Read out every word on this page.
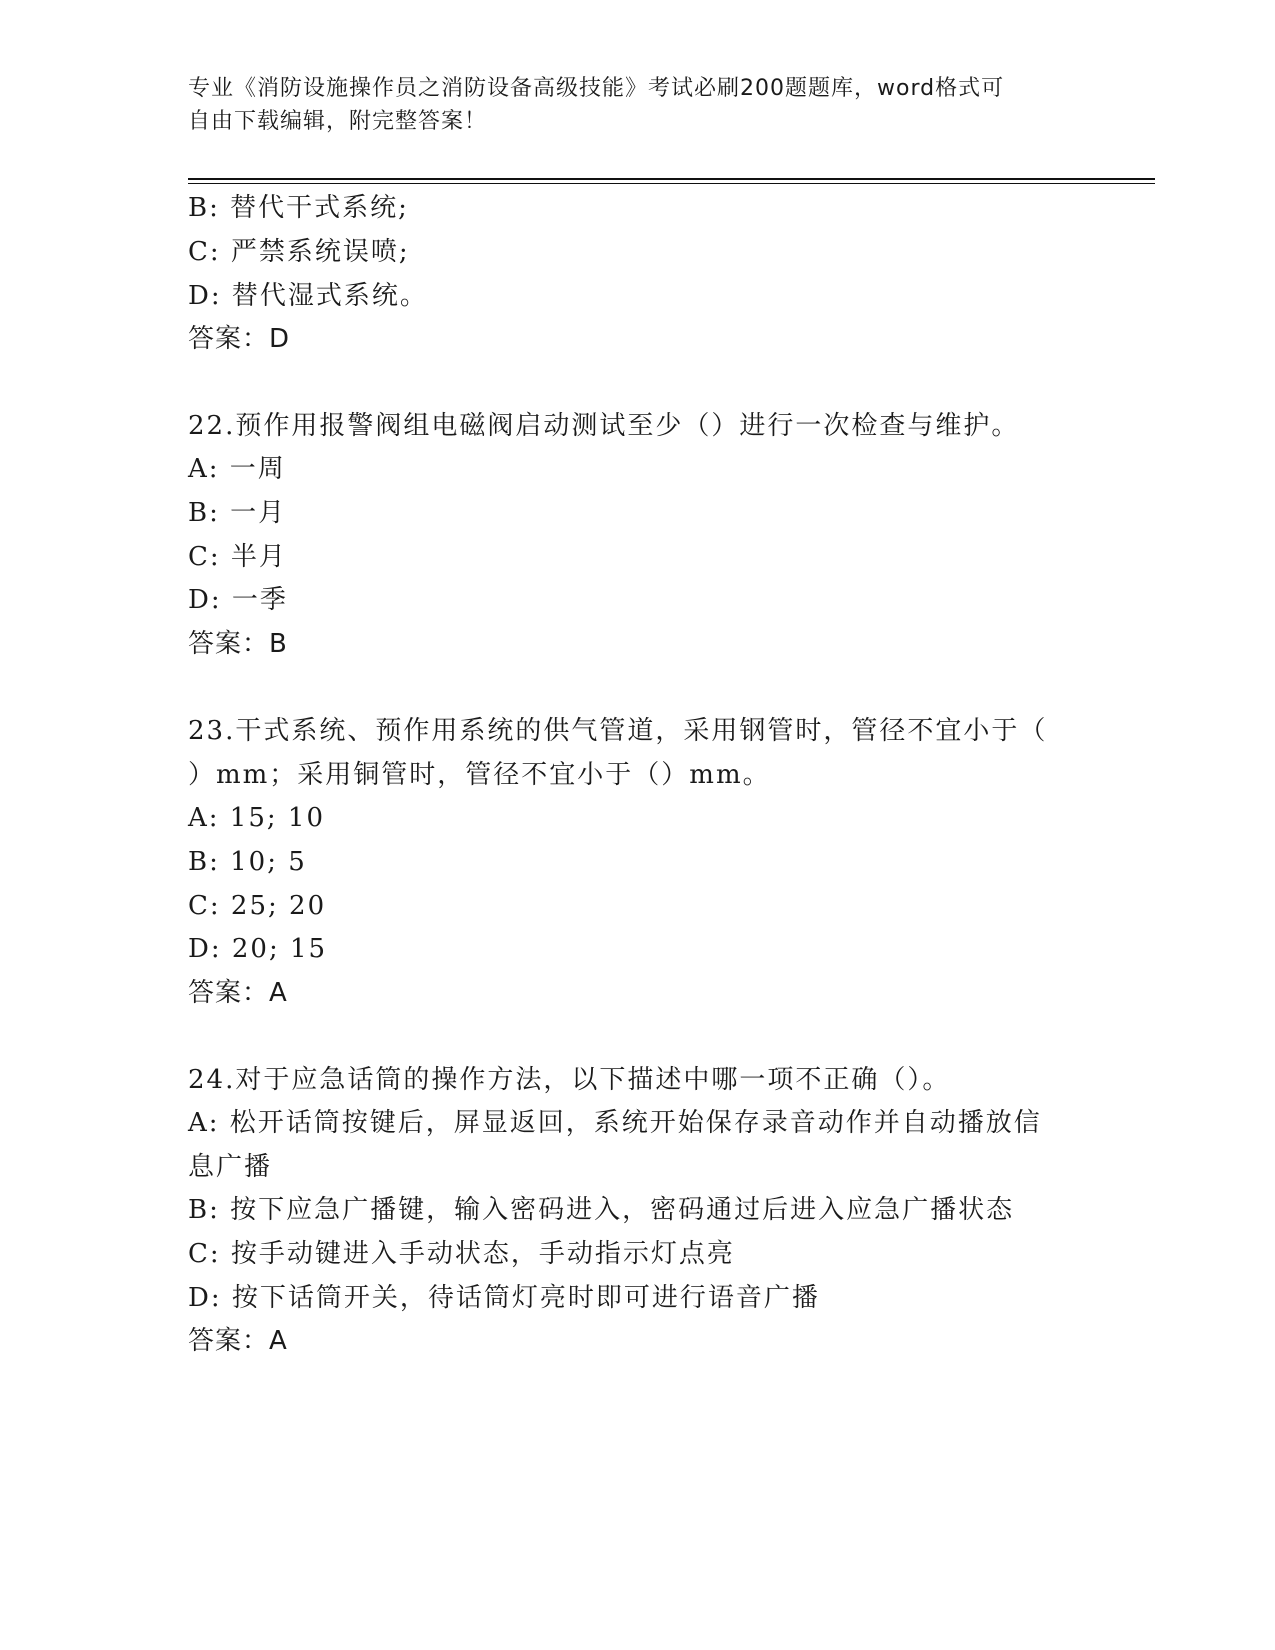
专业《消防设施操作员之消防设备高级技能》考试必刷200题题库，word格式可
自由下载编辑，附完整答案！
B: 替代干式系统;
C: 严禁系统误喷;
D: 替代湿式系统。
答案：D
22.预作用报警阀组电磁阀启动测试至少（）进行一次检查与维护。
A: 一周
B: 一月
C: 半月
D: 一季
答案：B
23.干式系统、预作用系统的供气管道，采用钢管时，管径不宜小于（
）mm；采用铜管时，管径不宜小于（）mm。
A: 15; 10
B: 10; 5
C: 25; 20
D: 20; 15
答案：A
24.对于应急话筒的操作方法，以下描述中哪一项不正确（）。
A: 松开话筒按键后，屏显返回，系统开始保存录音动作并自动播放信
息广播
B: 按下应急广播键，输入密码进入，密码通过后进入应急广播状态
C: 按手动键进入手动状态，手动指示灯点亮
D: 按下话筒开关，待话筒灯亮时即可进行语音广播
答案：A
